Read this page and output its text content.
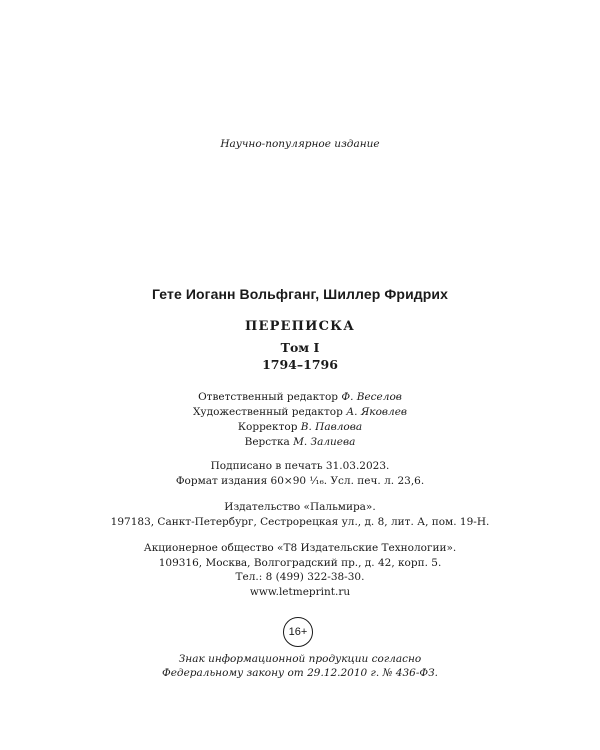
Научно-популярное издание
Гете Иоганн Вольфганг, Шиллер Фридрих
ПЕРЕПИСКА
Том I
1794–1796
Ответственный редактор Ф. Веселов
Художественный редактор А. Яковлев
Корректор В. Павлова
Верстка М. Залиева
Подписано в печать 31.03.2023.
Формат издания 60×90 ¹⁄₁₆. Усл. печ. л. 23,6.
Издательство «Пальмира».
197183, Санкт-Петербург, Сестрорецкая ул., д. 8, лит. А, пом. 19-Н.
Акционерное общество «Т8 Издательские Технологии».
109316, Москва, Волгоградский пр., д. 42, корп. 5.
Тел.: 8 (499) 322-38-30.
www.letmeprint.ru
16+
Знак информационной продукции согласно
Федеральному закону от 29.12.2010 г. № 436-ФЗ.
